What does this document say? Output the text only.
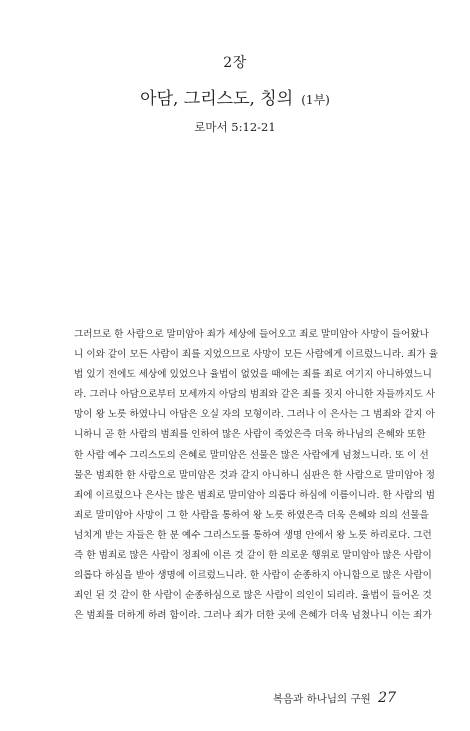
2장
아담, 그리스도, 칭의 (1부)
로마서 5:12-21
그러므로 한 사람으로 말미암아 죄가 세상에 들어오고 죄로 말미암아 사망이 들어왔나
니 이와 같이 모든 사람이 죄를 지었으므로 사망이 모든 사람에게 이르렀느니라. 죄가 율
법 있기 전에도 세상에 있었으나 율법이 없었을 때에는 죄를 죄로 여기지 아니하였느니
라. 그러나 아담으로부터 모세까지 아담의 범죄와 같은 죄를 짓지 아니한 자들까지도 사
망이 왕 노릇 하였나니 아담은 오실 자의 모형이라. 그러나 이 은사는 그 범죄와 같지 아
니하니 곧 한 사람의 범죄를 인하여 많은 사람이 죽었은즉 더욱 하나님의 은혜와 또한
한 사람 예수 그리스도의 은혜로 말미암은 선물은 많은 사람에게 넘쳤느니라. 또 이 선
물은 범죄한 한 사람으로 말미암은 것과 같지 아니하니 심판은 한 사람으로 말미암아 정
죄에 이르렀으나 은사는 많은 범죄로 말미암아 의롭다 하심에 이름이니라. 한 사람의 범
죄로 말미암아 사망이 그 한 사람을 통하여 왕 노릇 하였은즉 더욱 은혜와 의의 선물을
넘치게 받는 자들은 한 분 예수 그리스도를 통하여 생명 안에서 왕 노릇 하리로다. 그런
즉 한 범죄로 많은 사람이 정죄에 이른 것 같이 한 의로운 행위로 말미암아 많은 사람이
의롭다 하심을 받아 생명에 이르렀느니라. 한 사람이 순종하지 아니함으로 많은 사람이
죄인 된 것 같이 한 사람이 순종하심으로 많은 사람이 의인이 되리라. 율법이 들어온 것
은 범죄를 더하게 하려 함이라. 그러나 죄가 더한 곳에 은혜가 더욱 넘쳤나니 이는 죄가
복음과 하나님의 구원 27
